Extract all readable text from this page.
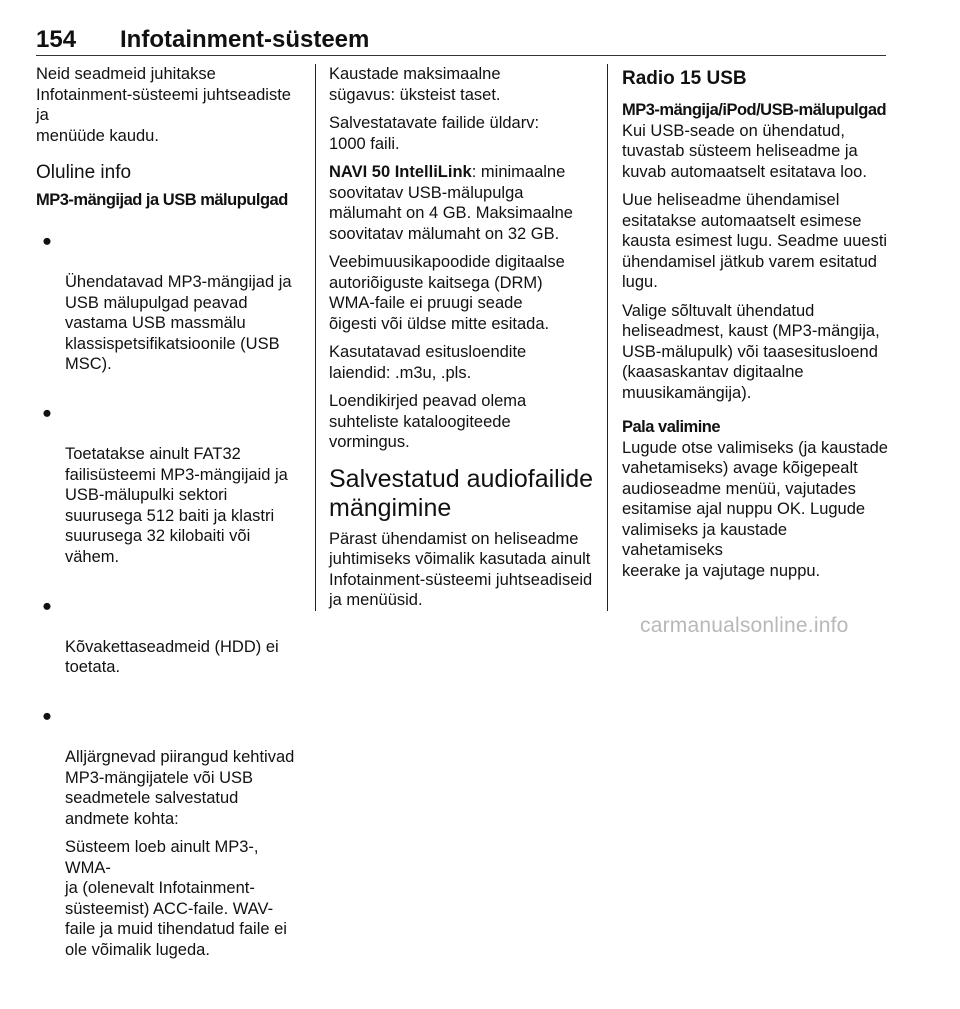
154 Infotainment-süsteem

Neid seadmeid juhitakse
Infotainment-süsteemi juhtseadiste ja
menüüde kaudu.

Oluline info
MP3-mängijad ja USB mälupulgad

●

Ühendatavad MP3-mängijad ja
USB mälupulgad peavad
vastama USB massmälu
klassispetsifikatsioonile (USB
MSC).

●

Toetatakse ainult FAT32
failisüsteemi MP3-mängijaid ja
USB-mälupulki sektori
suurusega 512 baiti ja klastri
suurusega 32 kilobaiti või vähem.

●

Kõvakettaseadmeid (HDD) ei
toetata.

●

Alljärgnevad piirangud kehtivad
MP3-mängijatele või USB
seadmetele salvestatud
andmete kohta:

Süsteem loeb ainult MP3-, WMA-
ja (olenevalt Infotainment-
süsteemist) ACC-faile. WAV-
faile ja muid tihendatud faile ei
ole võimalik lugeda.

Kaustade maksimaalne
sügavus: üksteist taset.

Salvestatavate failide üldarv:
1000 faili.

NAVI 50 IntelliLink: minimaalne
soovitatav USB-mälupulga
mälumaht on 4 GB. Maksimaalne
soovitatav mälumaht on 32 GB.

Veebimuusikapoodide digitaalse
autoriõiguste kaitsega (DRM)
WMA-faile ei pruugi seade
õigesti või üldse mitte esitada.

Kasutatavad esitusloendite
laiendid: .m3u, .pls.

Loendikirjed peavad olema
suhteliste kataloogiteede
vormingus.

Salvestatud audiofailide
mängimine

Pärast ühendamist on heliseadme
juhtimiseks võimalik kasutada ainult
Infotainment-süsteemi juhtseadiseid
ja menüüsid.

Radio 15 USB
MP3-mängija/iPod/USB-mälupulgad

Kui USB-seade on ühendatud,
tuvastab süsteem heliseadme ja
kuvab automaatselt esitatava loo.

Uue heliseadme ühendamisel
esitatakse automaatselt esimese
kausta esimest lugu. Seadme uuesti
ühendamisel jätkub varem esitatud
lugu.

Valige sõltuvalt ühendatud
heliseadmest, kaust (MP3-mängija,
USB-mälupulk) või taasesitusloend
(kaasaskantav digitaalne
muusikamängija).

Pala valimine

Lugude otse valimiseks (ja kaustade
vahetamiseks) avage kõigepealt
audioseadme menüü, vajutades
esitamise ajal nuppu OK. Lugude
valimiseks ja kaustade vahetamiseks
keerake ja vajutage nuppu.

carmanualsonline.info
